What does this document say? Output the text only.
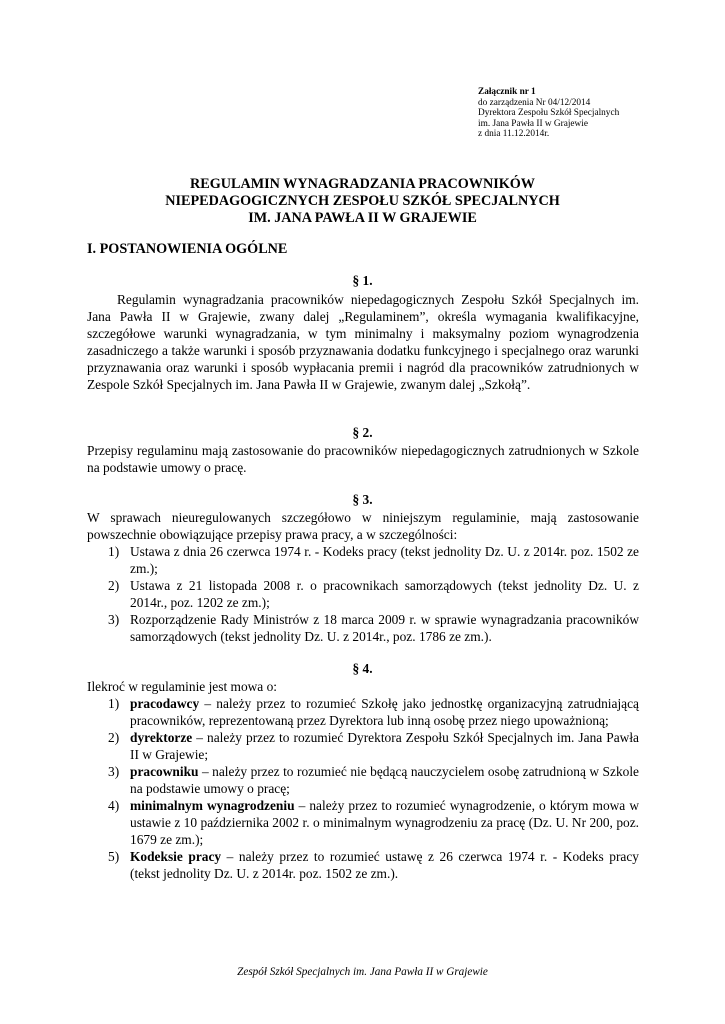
Załącznik nr 1
do zarządzenia Nr 04/12/2014
Dyrektora Zespołu Szkół Specjalnych
im. Jana Pawła II w Grajewie
z dnia 11.12.2014r.
REGULAMIN WYNAGRADZANIA PRACOWNIKÓW
NIEPEDAGOGICZNYCH ZESPOŁU SZKÓŁ SPECJALNYCH
IM. JANA PAWŁA II W GRAJEWIE
I. POSTANOWIENIA OGÓLNE
§ 1.
Regulamin wynagradzania pracowników niepedagogicznych Zespołu Szkół Specjalnych im. Jana Pawła II w Grajewie, zwany dalej „Regulaminem”, określa wymagania kwalifikacyjne, szczegółowe warunki wynagradzania, w tym minimalny i maksymalny poziom wynagrodzenia zasadniczego a także warunki i sposób przyznawania dodatku funkcyjnego i specjalnego oraz warunki przyznawania oraz warunki i sposób wypłacania premii i nagród dla pracowników zatrudnionych w Zespole Szkół Specjalnych im. Jana Pawła II w Grajewie, zwanym dalej „Szkołą”.
§ 2.
Przepisy regulaminu mają zastosowanie do pracowników niepedagogicznych zatrudnionych w Szkole na podstawie umowy o pracę.
§ 3.
W sprawach nieuregulowanych szczegółowo w niniejszym regulaminie, mają zastosowanie powszechnie obowiązujące przepisy prawa pracy, a w szczególności:
1) Ustawa z dnia 26 czerwca 1974 r. - Kodeks pracy (tekst jednolity Dz. U. z 2014r. poz. 1502 ze zm.);
2) Ustawa z 21 listopada 2008 r. o pracownikach samorządowych (tekst jednolity Dz. U. z 2014r., poz. 1202 ze zm.);
3) Rozporządzenie Rady Ministrów z 18 marca 2009 r. w sprawie wynagradzania pracowników samorządowych (tekst jednolity Dz. U. z 2014r., poz. 1786 ze zm.).
§ 4.
Ilekroć w regulaminie jest mowa o:
1) pracodawcy – należy przez to rozumieć Szkołę jako jednostkę organizacyjną zatrudniającą pracowników, reprezentowaną przez Dyrektora lub inną osobę przez niego upoważnioną;
2) dyrektorze – należy przez to rozumieć Dyrektora Zespołu Szkół Specjalnych im. Jana Pawła II w Grajewie;
3) pracowniku – należy przez to rozumieć nie będącą nauczycielem osobę zatrudnioną w Szkole na podstawie umowy o pracę;
4) minimalnym wynagrodzeniu – należy przez to rozumieć wynagrodzenie, o którym mowa w ustawie z 10 października 2002 r. o minimalnym wynagrodzeniu za pracę (Dz. U. Nr 200, poz. 1679 ze zm.);
5) Kodeksie pracy – należy przez to rozumieć ustawę z 26 czerwca 1974 r. - Kodeks pracy (tekst jednolity Dz. U. z 2014r. poz. 1502 ze zm.).
Zespół Szkół Specjalnych im. Jana Pawła II w Grajewie
